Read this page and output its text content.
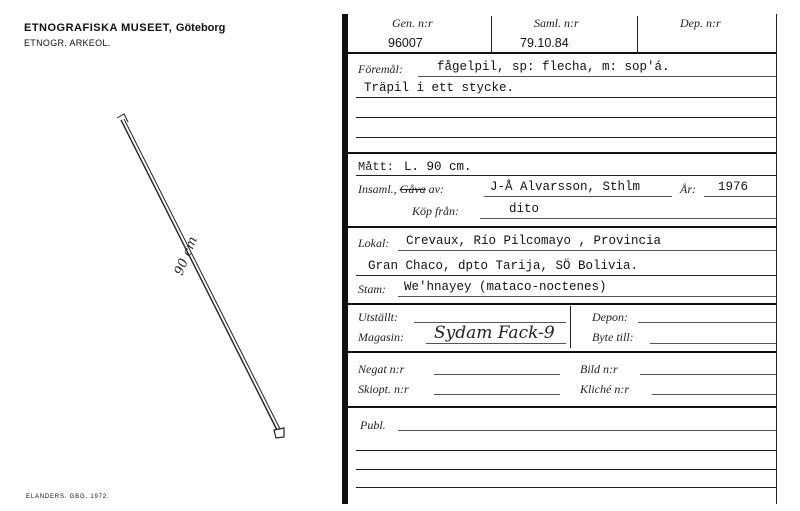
ETNOGRAFISKA MUSEET, Göteborg
ETNOGR. ARKEOL.
ELANDERS. GBG. 1972.
90 cm
Gen. n:r
96007
Saml. n:r
79.10.84
Dep. n:r
Föremål:	fågelpil, sp: flecha, m: sop'á.
Träpil i ett stycke.
Mått: L. 90 cm.
Insaml., Gåva av:	J-Å Alvarsson, Sthlm	År: 1976
Köp från:	dito
Lokal: Crevaux, Río Pilcomayo , Provincia
Gran Chaco, dpto Tarija, SÖ Bolivia.
Stam: We'hnayey (mataco-noctenes)
Utställt:
Magasin: Sydam Fack-9
Depon:
Byte till:
Negat n:r	Bild n:r
Skiopt. n:r	Kliché n:r
Publ.
